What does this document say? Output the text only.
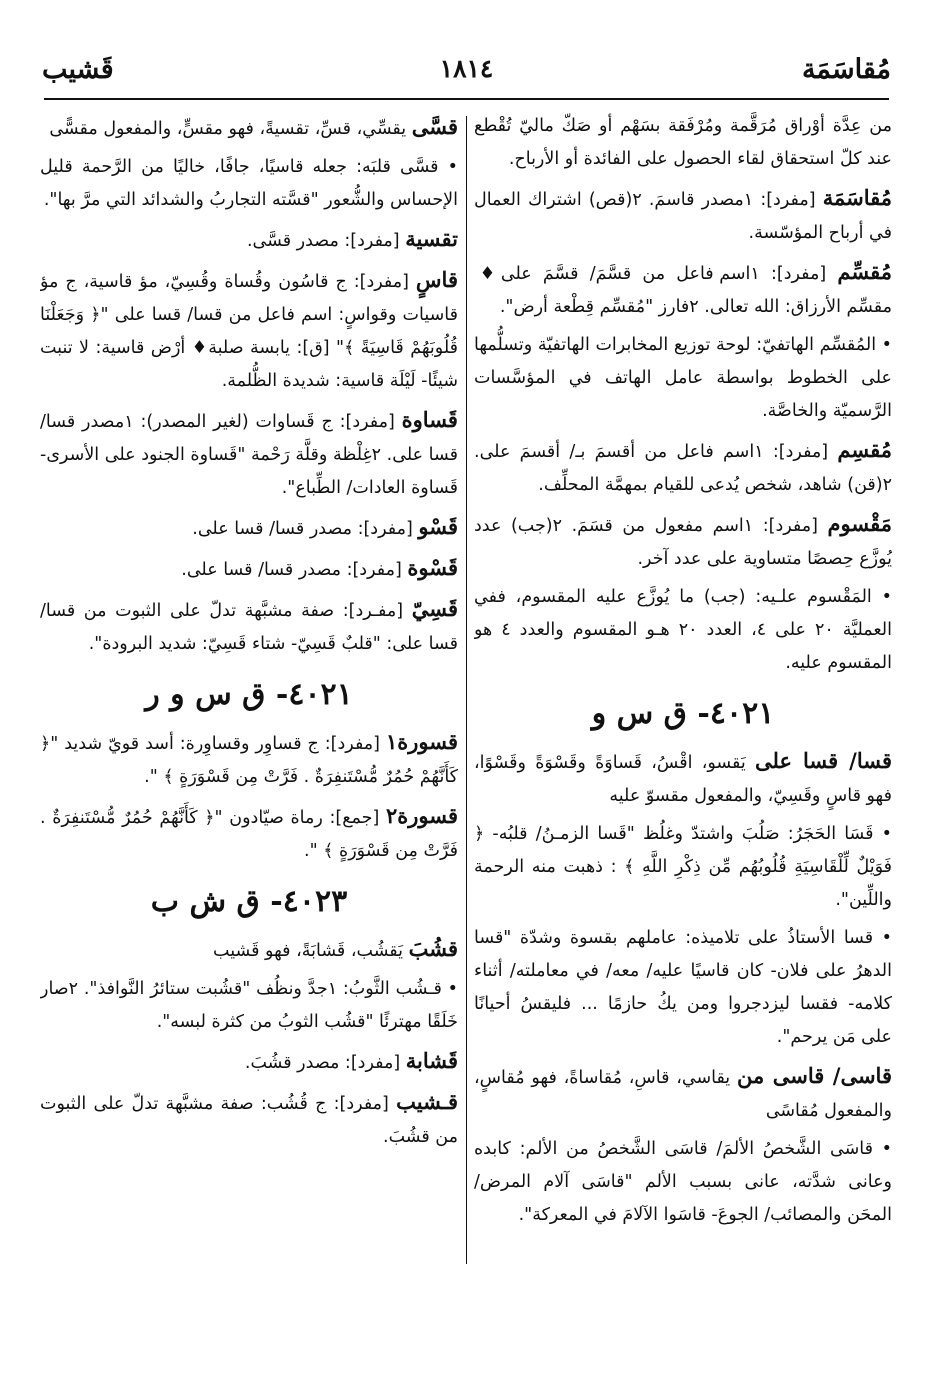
مُقاسَمَة
١٨١٤
قَشيب

من عِدَّة أوْراق مُرَقَّمة ومُرْفَقة بسَهْم أو صَكّ ماليّ تُقْطع عند كلّ استحقاق لقاء الحصول على الفائدة أو الأرباح.

مُقاسَمَة [مفرد]: ١مصدر قاسمَ. ٢(قص) اشتراك العمال في أرباح المؤسّسة.

مُقسِّم [مفرد]: ١اسم فاعل من قسَّمَ/ قسَّمَ على♦ مقسِّم الأرزاق: الله تعالى. ٢فارز "مُقسِّم قِطْعة أرض".

• المُقسِّم الهاتفيّ: لوحة توزيع المخابرات الهاتفيّة وتسلُّمها على الخطوط بواسطة عامل الهاتف في المؤسَّسات الرَّسميّة والخاصَّة.

مُقسِم [مفرد]: ١اسم فاعل من أقسمَ بـ/ أقسمَ على. ٢(قن) شاهد، شخص يُدعى للقيام بمهمَّة المحلِّف.

مَقْسوم [مفرد]: ١اسم مفعول من قسَمَ. ٢(جب) عدد يُوزَّع حِصصًا متساوية على عدد آخر.

• المَقْسوم علـيه: (جب) ما يُوزَّع عليه المقسوم، ففي العمليَّة ٢٠ على ٤، العدد ٢٠ هـو المقسوم والعدد ٤ هو المقسوم عليه.

٤٠٢١- ق س و

قسا/ قسا على يَقسو، اقْسُ، قَساوَةً وقَسْوَةً وقَسْوًا، فهو قاسٍ وقَسِيّ، والمفعول مقسوّ عليه

• قَسَا الحَجَرُ: صَلُبَ واشتدّ وغلُظ "قَسا الزمـنُ/ قلبُه- ﴿ فَوَيْلٌ لِّلْقَاسِيَةِ قُلُوبُهُم مِّن ذِكْرِ اللَّهِ ﴾ : ذهبت منه الرحمة واللِّين".

• قسا الأستاذُ على تلاميذه: عاملهم بقسوة وشدّة "قسا الدهرُ على فلان- كان قاسيًا عليه/ معه/ في معاملته/ أثناء كلامه- فقسا ليزدجروا ومن يكُ حازمًا ... فليقسُ أحيانًا على مَن يرحم".

قاسى/ قاسى من يقاسي، قاسِ، مُقاساةً، فهو مُقاسٍ، والمفعول مُقاسًى

• قاسَى الشَّخصُ الألمَ/ قاسَى الشَّخصُ من الألم: كابده وعانى شدَّته، عانى بسبب الألم "قاسَى آلام المرض/ المحَن والمصائب/ الجوعَ- قاسَوا الآلامَ في المعركة".

قسَّى يقسِّي، قسِّ، تقسيةً، فهو مقسٍّ، والمفعول مقسًّى

• قسَّى قلبَه: جعله قاسيًا، جافًا، خاليًا من الرَّحمة قليل الإحساس والشُّعور "قسَّته التجاربُ والشدائد التي مرَّ بها".

تقسية [مفرد]: مصدر قسَّى.

قاسٍ [مفرد]: ج قاسُون وقُساة وقُسِيّ، مؤ قاسية، ج مؤ قاسيات وقواسٍ: اسم فاعل من قسا/ قسا على "﴿ وَجَعَلْنَا قُلُوبَهُمْ قَاسِيَةً ﴾" [ق]: يابسة صلبة♦ أرْض قاسية: لا تنبت شيئًا- لَيْلَة قاسية: شديدة الظُّلمة.

قَساوة [مفرد]: ج قَساوات (لغير المصدر): ١مصدر قسا/ قسا على. ٢غِلْظة وقلَّة رَحْمة "قَساوة الجنود على الأسرى- قَساوة العادات/ الطِّباع".

قَسْو [مفرد]: مصدر قسا/ قسا على.

قَسْوة [مفرد]: مصدر قسا/ قسا على.

قَسِيّ [مفـرد]: صفة مشبَّهة تدلّ على الثبوت من قسا/ قسا على: "قلبٌ قَسِيّ- شتاء قَسِيّ: شديد البرودة".

٤٠٢١- ق س و ر

قسورة١ [مفرد]: ج قساوِر وقساوِرة: أسد قويّ شديد "﴿ كَأَنَّهُمْ حُمُرٌ مُّسْتَنفِرَةٌ . فَرَّتْ مِن قَسْوَرَةٍ ﴾ ".

قسورة٢ [جمع]: رماة صيّادون "﴿ كَأَنَّهُمْ حُمُرٌ مُّسْتَنفِرَةٌ . فَرَّتْ مِن قَسْوَرَةٍ ﴾ ".

٤٠٢٣- ق ش ب

قشُبَ يَقشُب، قَشابَةً، فهو قَشيب

• قـشُب الثَّوبُ: ١جدَّ ونظُف "قشُبت ستائرُ النَّوافذ". ٢صار خَلَقًا مهترئًا "قشُب الثوبُ من كثرة لبسه".

قَشابة [مفرد]: مصدر قشُبَ.

قـشيب [مفرد]: ج قُشُب: صفة مشبَّهة تدلّ على الثبوت من قشُبَ.
